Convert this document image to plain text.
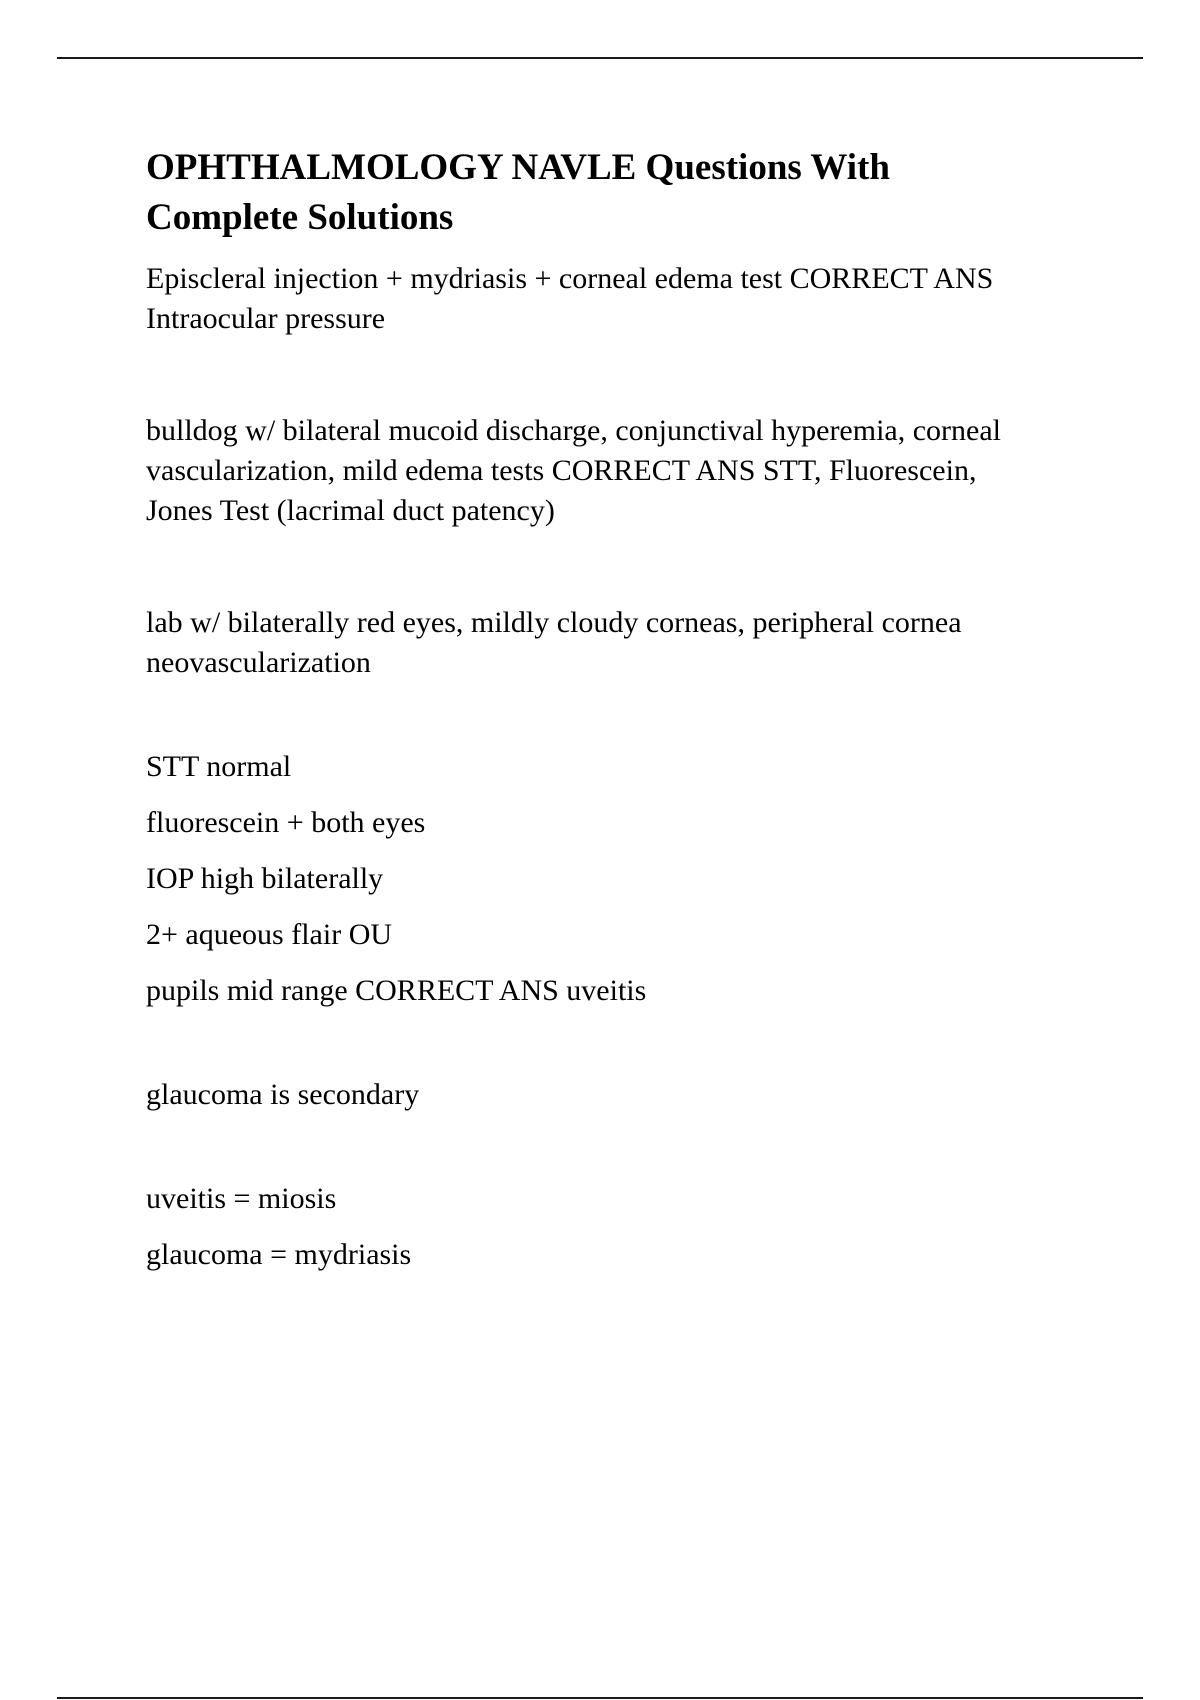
OPHTHALMOLOGY NAVLE Questions With
Complete Solutions

Episcleral injection + mydriasis + corneal edema test CORRECT ANS
Intraocular pressure

bulldog w/ bilateral mucoid discharge, conjunctival hyperemia, corneal
vascularization, mild edema tests CORRECT ANS STT, Fluorescein,
Jones Test (lacrimal duct patency)

lab w/ bilaterally red eyes, mildly cloudy corneas, peripheral cornea
neovascularization

STT normal

fluorescein + both eyes

IOP high bilaterally

2+ aqueous flair OU

pupils mid range CORRECT ANS uveitis

glaucoma is secondary

uveitis = miosis

glaucoma = mydriasis
